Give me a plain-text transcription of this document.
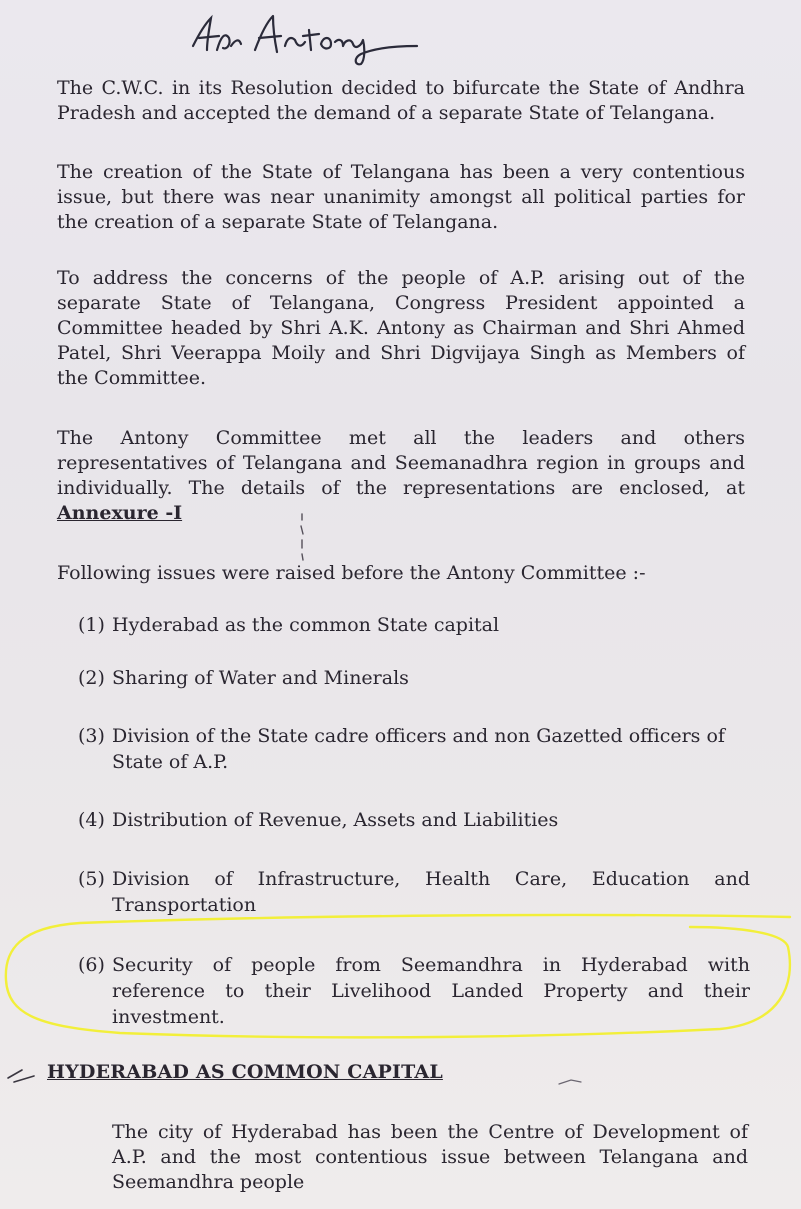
The C.W.C. in its Resolution decided to bifurcate the State of Andhra
Pradesh and accepted the demand of a separate State of Telangana.

The creation of the State of Telangana has been a very contentious
issue, but there was near unanimity amongst all political parties for
the creation of a separate State of Telangana.

To address the concerns of the people of A.P. arising out of the
separate State of Telangana, Congress President appointed a
Committee headed by Shri A.K. Antony as Chairman and Shri Ahmed
Patel, Shri Veerappa Moily and Shri Digvijaya Singh as Members of
the Committee.

The Antony Committee met all the leaders and others
representatives of Telangana and Seemanadhra region in groups and
individually. The details of the representations are enclosed, at
Annexure -I

Following issues were raised before the Antony Committee :-

(1) Hyderabad as the common State capital
(2) Sharing of Water and Minerals
(3) Division of the State cadre officers and non Gazetted officers of
State of A.P.
(4) Distribution of Revenue, Assets and Liabilities
(5) Division of Infrastructure, Health Care, Education and
Transportation
(6) Security of people from Seemandhra in Hyderabad with
reference to their Livelihood Landed Property and their
investment.
HYDERABAD AS COMMON CAPITAL

The city of Hyderabad has been the Centre of Development of
A.P. and the most contentious issue between Telangana and
Seemandhra people
